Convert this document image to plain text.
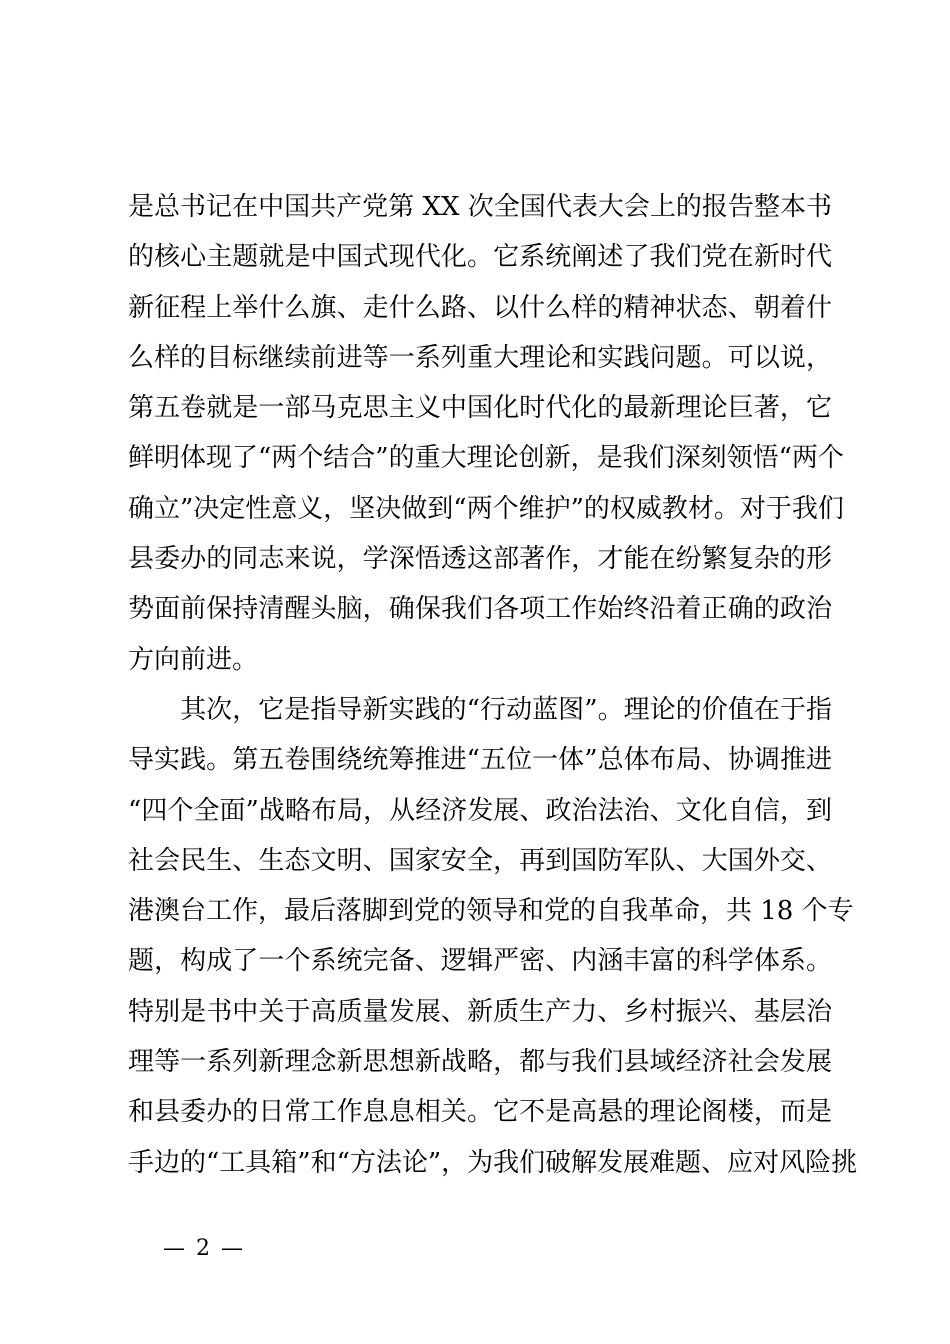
是总书记在中国共产党第 XX 次全国代表大会上的报告整本书
的核心主题就是中国式现代化。它系统阐述了我们党在新时代
新征程上举什么旗、走什么路、以什么样的精神状态、朝着什
么样的目标继续前进等一系列重大理论和实践问题。可以说，
第五卷就是一部马克思主义中国化时代化的最新理论巨著，它
鲜明体现了“两个结合”的重大理论创新，是我们深刻领悟“两个
确立”决定性意义，坚决做到“两个维护”的权威教材。对于我们
县委办的同志来说，学深悟透这部著作，才能在纷繁复杂的形
势面前保持清醒头脑，确保我们各项工作始终沿着正确的政治
方向前进。
　　其次，它是指导新实践的“行动蓝图”。理论的价值在于指
导实践。第五卷围绕统筹推进“五位一体”总体布局、协调推进
“四个全面”战略布局，从经济发展、政治法治、文化自信，到
社会民生、生态文明、国家安全，再到国防军队、大国外交、
港澳台工作，最后落脚到党的领导和党的自我革命，共 18 个专
题，构成了一个系统完备、逻辑严密、内涵丰富的科学体系。
特别是书中关于高质量发展、新质生产力、乡村振兴、基层治
理等一系列新理念新思想新战略，都与我们县域经济社会发展
和县委办的日常工作息息相关。它不是高悬的理论阁楼，而是
手边的“工具箱”和“方法论”，为我们破解发展难题、应对风险挑
— 2 —
